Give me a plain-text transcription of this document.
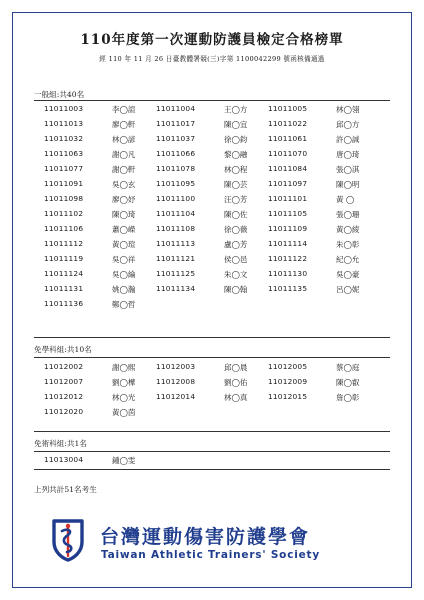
110年度第一次運動防護員檢定合格榜單
經 110 年 11 月 26 日臺教體署競(三)字第 1100042299 號函核備通過
一般組:共40名
11011003	李◯諠	11011004	王◯方	11011005	林◯翎
11011013	廖◯軒	11011017	陳◯宜	11011022	邱◯方
11011032	林◯諺	11011037	徐◯鈞	11011061	許◯誠
11011063	謝◯凡	11011066	黎◯融	11011070	唐◯琦
11011077	謝◯軒	11011078	林◯程	11011084	張◯淇
11011091	吳◯玄	11011095	陳◯芸	11011097	陳◯明
11011098	廖◯妤	11011100	汪◯芳	11011101	黃 ◯
11011102	陳◯琦	11011104	陳◯佐	11011105	張◯珊
11011106	蕭◯嶸	11011108	徐◯薇	11011109	黃◯綾
11011112	黃◯瑄	11011113	盧◯芳	11011114	朱◯彰
11011119	吳◯祥	11011121	侯◯邑	11011122	紀◯允
11011124	吳◯綸	11011125	朱◯文	11011130	吳◯豪
11011131	姚◯瀚	11011134	陳◯翰	11011135	呂◯妮
11011136	鄭◯哲
免學科組:共10名
11012002	謝◯熙	11012003	邱◯晨	11012005	蔡◯庭
11012007	劉◯樺	11012008	劉◯佑	11012009	陳◯叡
11012012	林◯光	11012014	林◯真	11012015	詹◯彰
11012020	黃◯茵
免術科組:共1名
11013004	鍾◯雯
上列共計51名考生
台灣運動傷害防護學會
Taiwan Athletic Trainers' Society
